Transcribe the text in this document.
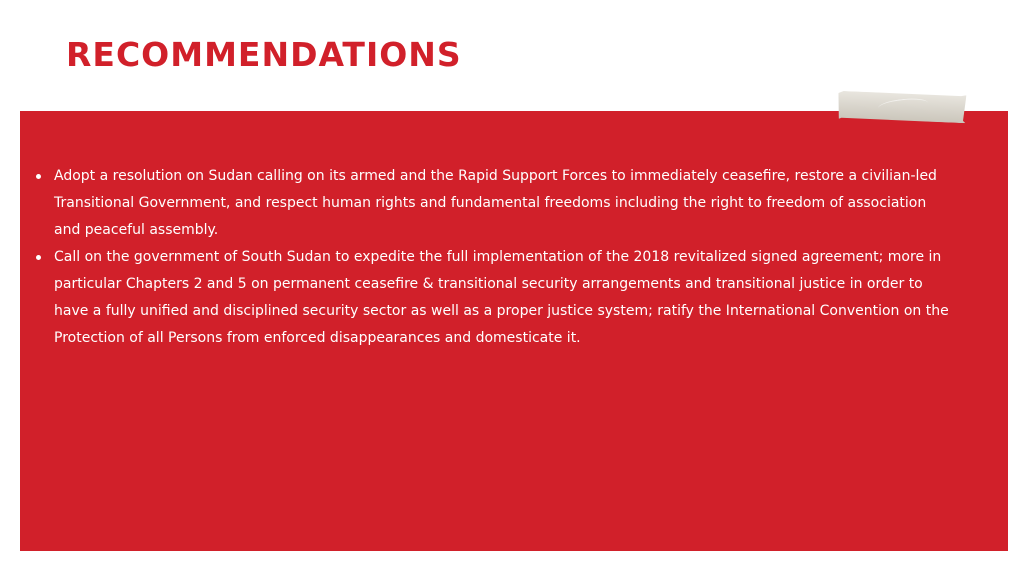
RECOMMENDATIONS
Adopt a resolution on Sudan calling on its armed and the Rapid Support Forces to immediately ceasefire, restore a civilian-led Transitional Government, and respect human rights and fundamental freedoms including the right to freedom of association and peaceful assembly.
Call on the government of South Sudan to expedite the full implementation of the 2018 revitalized signed agreement; more in particular Chapters 2 and 5 on permanent ceasefire & transitional security arrangements and transitional justice in order to have a fully unified and disciplined security sector as well as a proper justice system; ratify the International Convention on the Protection of all Persons from enforced disappearances and domesticate it.
